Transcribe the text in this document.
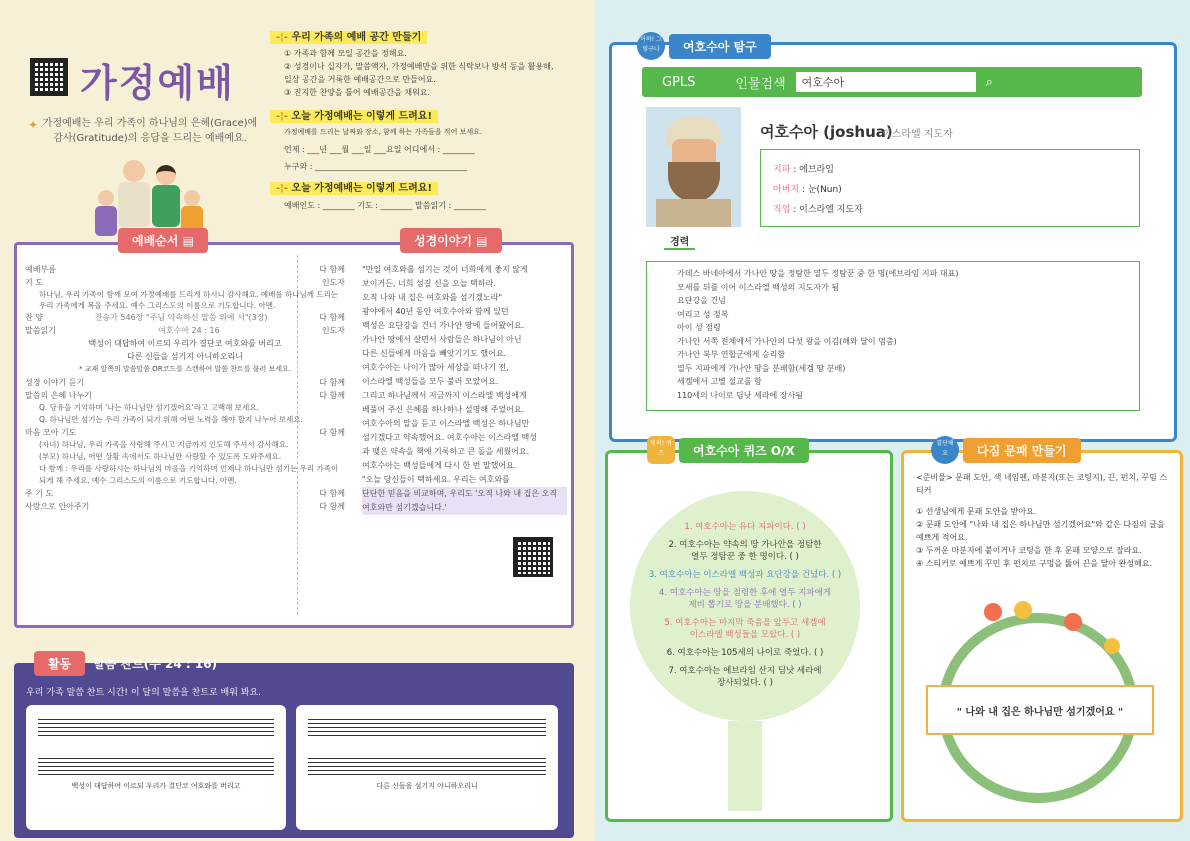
가정예배
✦ 가정예배는 우리 가족이 하나님의 은혜(Grace)에
감사(Gratitude)의 응답을 드리는 예배예요.
-¦- 우리 가족의 예배 공간 만들기
① 가족과 함께 모일 공간을 정해요.
② 성경이나 십자가, 말씀액자, 가정예배만을 위한 식탁보나 방석 등을 활용해,
일상 공간을 거룩한 예배공간으로 만들어요.
③ 진지한 찬양을 틀어 예배공간을 채워요.
-¦- 오늘 가정예배는 이렇게 드려요!
가정예배를 드리는 날짜와 장소, 함께 하는 가족들을 적어 보세요.
언제 : ___년 ___월 ___일 ___요일 어디에서 : ________
누구와 : ______________________________________
-¦- 오늘 가정예배는 이렇게 드려요!
예배인도 : ________ 기도 : ________ 말씀읽기 : ________
예배부름	다 함께
기 도	인도자
하나님, 우리 가족이 함께 모여 가정예배를 드리게 하시니 감사해요. 예배를 하나님께 드리는 우리 가족에게 복을 주세요. 예수 그리스도의 이름으로 기도합니다. 아멘.
찬 양	찬송가 546장 "주님 약속하신 말씀 위에 서"(3장)	다 함께
말씀읽기	여호수아 24 : 16	인도자
백성이 대답하여 이르되 우리가 결단코 여호와를 버리고
다른 신들을 섬기지 아니하오리니
* 교재 앞쪽의 말씀말씀 OR코드를 스캔하여 말씀 찬트를 불러 보세요.
성경 이야기 듣기	다 함께
말씀의 은혜 나누기	다 함께
Q. 당유을 기억하며 '나는 하나님만 섬기겠어요'라고 고백해 보세요.
Q. 하나님만 섬기는 우리 가족이 되기 위해 어떤 노력을 해야 할지 나누어 보세요.
마음 모아 기도	다 함께
(자녀) 하나님, 우리 가족을 사랑해 주시고 지금까지 인도해 주셔서 감사해요.
(부모) 하나님, 어떤 상황 속에서도 하나님만 사랑할 수 있도록 도와주세요.
다 함께 : 우리를 사랑하시는 하나님의 마음을 기억하며 언제나 하나님만 섬기는 우리 가족이 되게 해 주세요. 예수 그리스도의 이름으로 기도합니다. 아멘.
주 기 도	다 함께
사랑으로 안아주기	다 함께
"만일 여호와를 섬기는 것이 너희에게 좋지 않게
보이거든, 너희 섬길 신을 오늘 택하라.
오직 나와 내 집은 여호와를 섬기겠노라"
광야에서 40년 동안 여호수아와 함께 있던
백성은 요단강을 건너 가나안 땅에 들어왔어요.
가나안 땅에서 살면서 사람들은 하나님이 아닌
다른 신들에게 마음을 빼앗기기도 했어요.
여호수아는 나이가 많아 세상을 떠나기 전,
이스라엘 백성들을 모두 불러 모았어요.
그리고 하나님께서 지금까지 이스라엘 백성에게
베풀어 주신 은혜를 하나하나 설명해 주었어요.
여호수아의 말을 듣고 이스라엘 백성은 하나님만
섬기겠다고 약속했어요. 여호수아는 이스라엘 백성
과 맺은 약속을 책에 기록하고 큰 돌을 세웠어요.
여호수아는 백성들에게 다시 한 번 말했어요.
"오늘 당신들이 택하세요. 우리는 여호와를
단단한 믿음을 비교하며, 우리도 '오직 나와 내 집은 오직 여호와만 섬기겠습니다.'
예배순서 ▤	성경이야기 ▤
활동	말씀 찬트(수 24 : 16)
우리 가족 말씀 찬트 시간! 이 달의 말씀을 찬트로 배워 봐요.
백성이 대답하여 이르되 우리가 결단코 여호와를 버리고	다른 신들을 섬기지 아니하오리니
GPLS	인물검색	여호수아	⌕
여호수아 (joshua)
이스라엘 지도자
지파 : 에브라임
아버지 : 눈(Nun)
직업 : 이스라엘 지도자
경력
가데스 바네아에서 가나안 땅을 정탐한 열두 정탐꾼 중 한 명(에브라임 지파 대표)
모세를 뒤를 이어 이스라엘 백성의 지도자가 됨
요단강을 건넘
여리고 성 정복
아이 성 점령
가나안 서쪽 전체에서 가나안의 다섯 왕을 이김(해와 달이 멈춤)
가나안 북부 연합군에게 승리함
열두 지파에게 가나안 땅을 분배함(세겜 땅 분배)
세겜에서 고별 설교를 함
110세의 나이로 딤낫 세라에 장사됨
이하! 그렇구나	여호수아 탐구
1. 여호수아는 유다 지파이다. ( )
2. 여호수아는 약속의 땅 가나안을 정탐한
열두 정탐꾼 중 한 명이다. ( )
3. 여호수아는 이스라엘 백성과 요단강을 건넜다. ( )
4. 여호수아는 땅을 점령한 후에 열두 지파에게
제비 뽑기로 땅을 분배했다. ( )
5. 여호수아는 마지막 죽음을 앞두고 세겜에
이스라엘 백성들을 모았다. ( )
6. 여호수아는 105세의 나이로 죽었다. ( )
7. 여호수아는 에브라임 산지 딤낫 세라에
장사되었다. ( )
빛의! 퀴즈	여호수아 퀴즈 O/X
<준비물> 문패 도안, 색 네임펜, 마분지(또는 코팅지), 끈, 펀치, 꾸밈 스티커
① 선생님에게 문패 도안을 받아요.
② 문패 도안에 "나와 내 집은 하나님만 섬기겠어요"와 같은 다짐의 글을 예쁘게 적어요.
③ 두꺼운 마분지에 붙이거나 코팅을 한 후 문패 모양으로 잘라요.
④ 스티커로 예쁘게 꾸민 후 펀치로 구멍을 뚫어 끈을 달아 완성해요.
" 나와 내 집은 하나님만 섬기겠어요 "
결단해요	다짐 문패 만들기
